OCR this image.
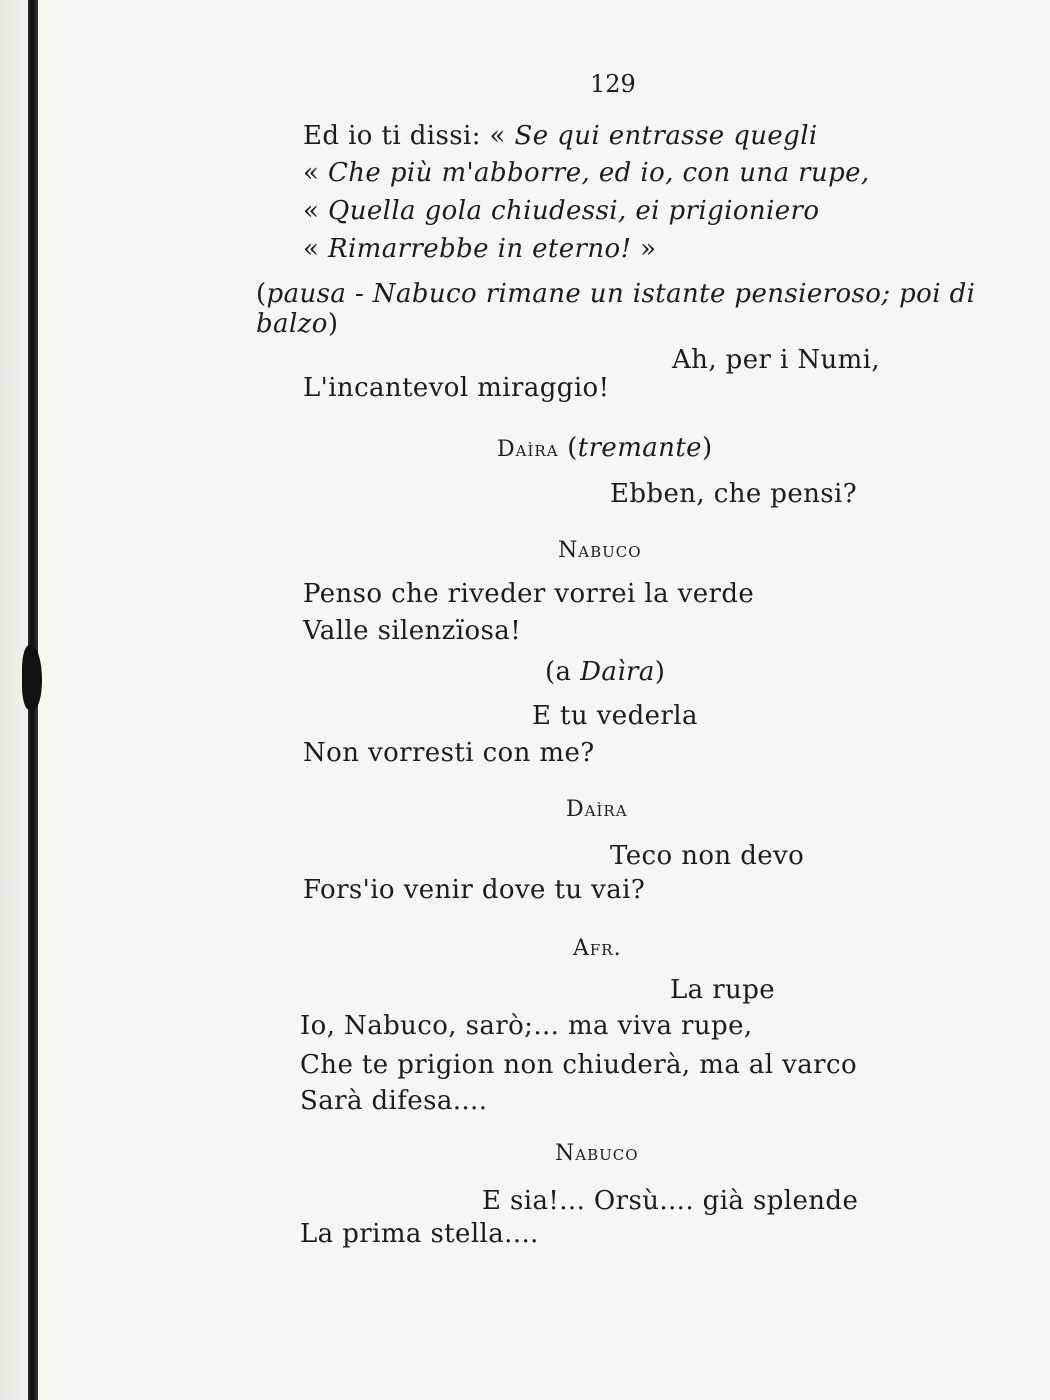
129
Ed io ti dissi: « Se qui entrasse quegli
« Che più m'abborre, ed io, con una rupe,
« Quella gola chiudessi, ei prigioniero
« Rimarrebbe in eterno! »
(pausa - Nabuco rimane un istante pensieroso; poi di
balzo)
Ah, per i Numi,
L'incantevol miraggio!
Daìra (tremante)
Ebben, che pensi?
Nabuco
Penso che riveder vorrei la verde
Valle silenzïosa!
(a Daìra)
E tu vederla
Non vorresti con me?
Daìra
Teco non devo
Fors'io venir dove tu vai?
Afr.
La rupe
Io, Nabuco, sarò;... ma viva rupe,
Che te prigion non chiuderà, ma al varco
Sarà difesa....
Nabuco
E sia!... Orsù.... già splende
La prima stella....
